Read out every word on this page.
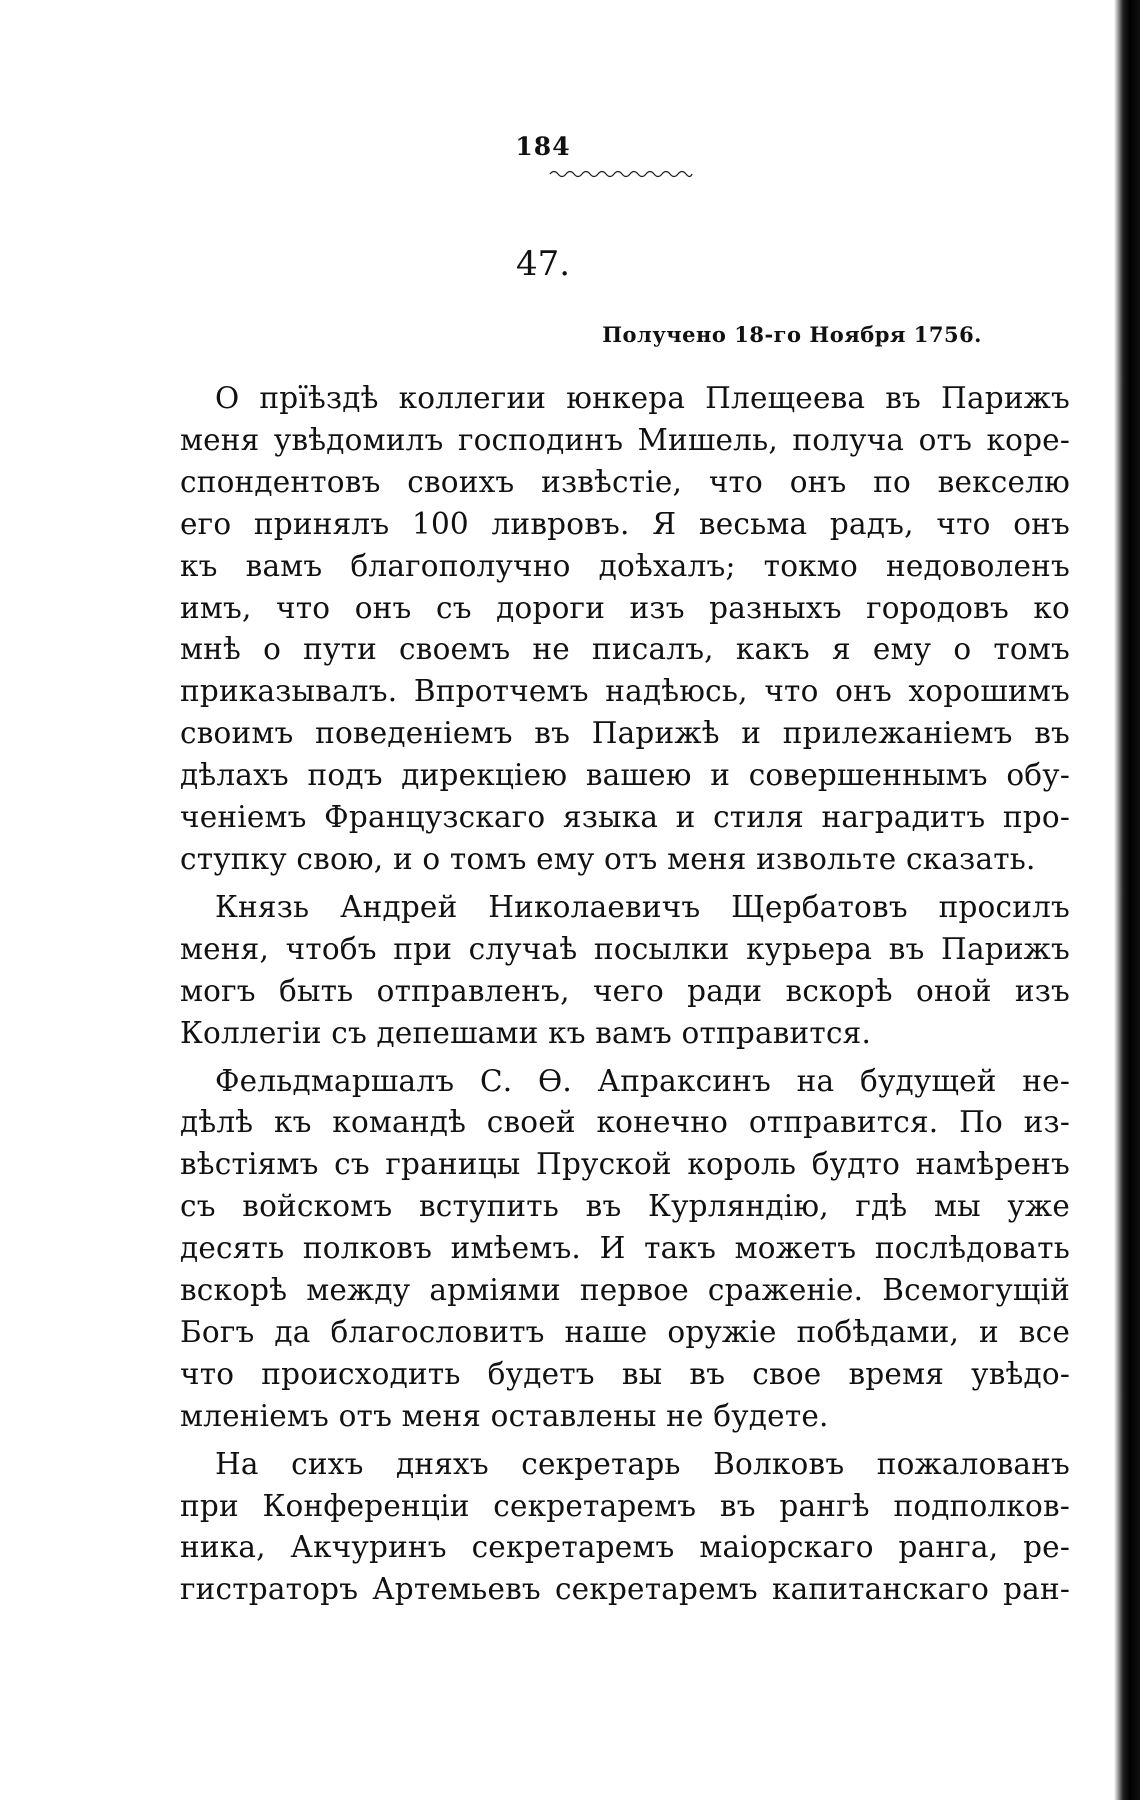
184
47.
Получено 18-го Ноября 1756.
О прїѣздѣ коллегии юнкера Плещеева въ Парижъ
меня увѣдомилъ господинъ Мишель, получа отъ коре-
спондентовъ своихъ извѣстіе, что онъ по векселю
его принялъ 100 ливровъ. Я весьма радъ, что онъ
къ вамъ благополучно доѣхалъ; токмо недоволенъ
имъ, что онъ съ дороги изъ разныхъ городовъ ко
мнѣ о пути своемъ не писалъ, какъ я ему о томъ
приказывалъ. Впротчемъ надѣюсь, что онъ хорошимъ
своимъ поведеніемъ въ Парижѣ и прилежаніемъ въ
дѣлахъ подъ дирекціею вашею и совершеннымъ обу-
ченіемъ Французскаго языка и стиля наградитъ про-
ступку свою, и о томъ ему отъ меня извольте сказать.
Князь Андрей Николаевичъ Щербатовъ просилъ
меня, чтобъ при случаѣ посылки курьера въ Парижъ
могъ быть отправленъ, чего ради вскорѣ оной изъ
Коллегіи съ депешами къ вамъ отправится.
Фельдмаршалъ С. Ѳ. Апраксинъ на будущей не-
дѣлѣ къ командѣ своей конечно отправится. По из-
вѣстіямъ съ границы Пруской король будто намѣренъ
съ войскомъ вступить въ Курляндію, гдѣ мы уже
десять полковъ имѣемъ. И такъ можетъ послѣдовать
вскорѣ между арміями первое сраженіе. Всемогущій
Богъ да благословитъ наше оружіе побѣдами, и все
что происходить будетъ вы въ свое время увѣдо-
мленіемъ отъ меня оставлены не будете.
На сихъ дняхъ секретарь Волковъ пожалованъ
при Конференціи секретаремъ въ рангѣ подполков-
ника, Акчуринъ секретаремъ маіорскаго ранга, ре-
гистраторъ Артемьевъ секретаремъ капитанскаго ран-
